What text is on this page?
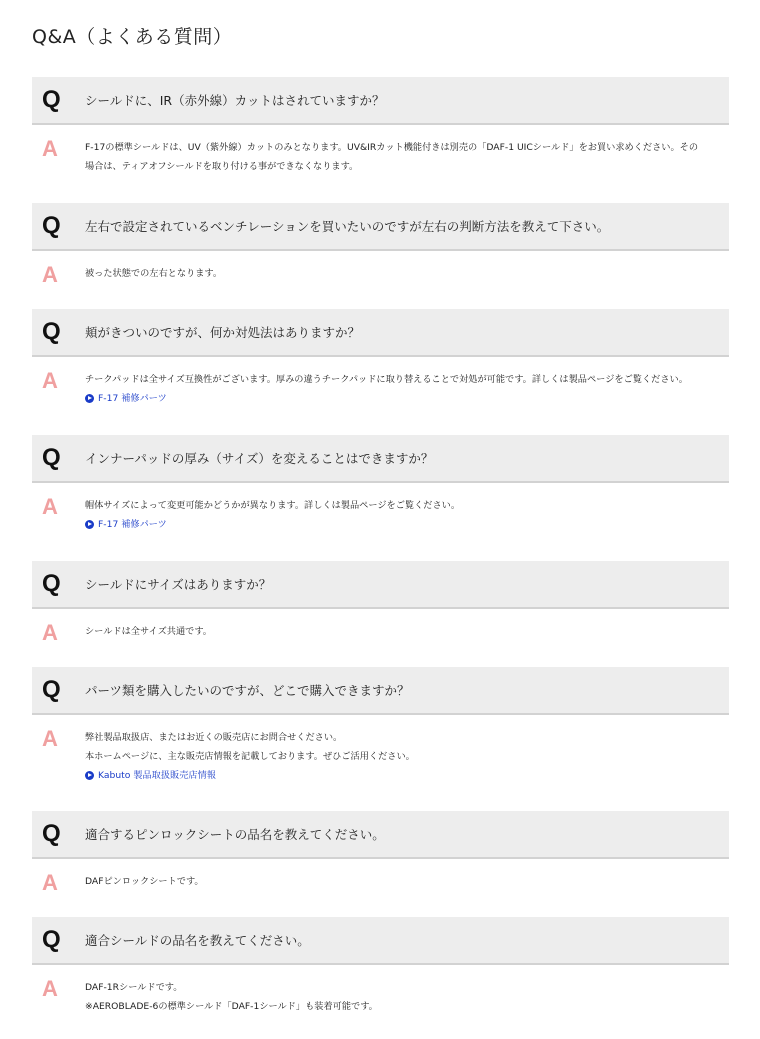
Q&A（よくある質問）
Q シールドに、IR（赤外線）カットはされていますか？
A	F-17の標準シールドは、UV（紫外線）カットのみとなります。UV&IRカット機能付きは別売の「DAF-1 UICシールド」をお買い求めください。その
場合は、ティアオフシールドを取り付ける事ができなくなります。
Q 左右で設定されているベンチレーションを買いたいのですが左右の判断方法を教えて下さい。
A	被った状態での左右となります。
Q 頬がきついのですが、何か対処法はありますか？
A	チークパッドは全サイズ互換性がございます。厚みの違うチークパッドに取り替えることで対処が可能です。詳しくは製品ページをご覧ください。
F-17 補修パーツ
Q インナーパッドの厚み（サイズ）を変えることはできますか？
A	帽体サイズによって変更可能かどうかが異なります。詳しくは製品ページをご覧ください。
F-17 補修パーツ
Q シールドにサイズはありますか？
A	シールドは全サイズ共通です。
Q パーツ類を購入したいのですが、どこで購入できますか？
A	弊社製品取扱店、またはお近くの販売店にお問合せください。
本ホームページに、主な販売店情報を記載しております。ぜひご活用ください。
Kabuto 製品取扱販売店情報
Q 適合するピンロックシートの品名を教えてください。
A	DAFピンロックシートです。
Q 適合シールドの品名を教えてください。
A	DAF-1Rシールドです。
※AEROBLADE-6の標準シールド「DAF-1シールド」も装着可能です。
